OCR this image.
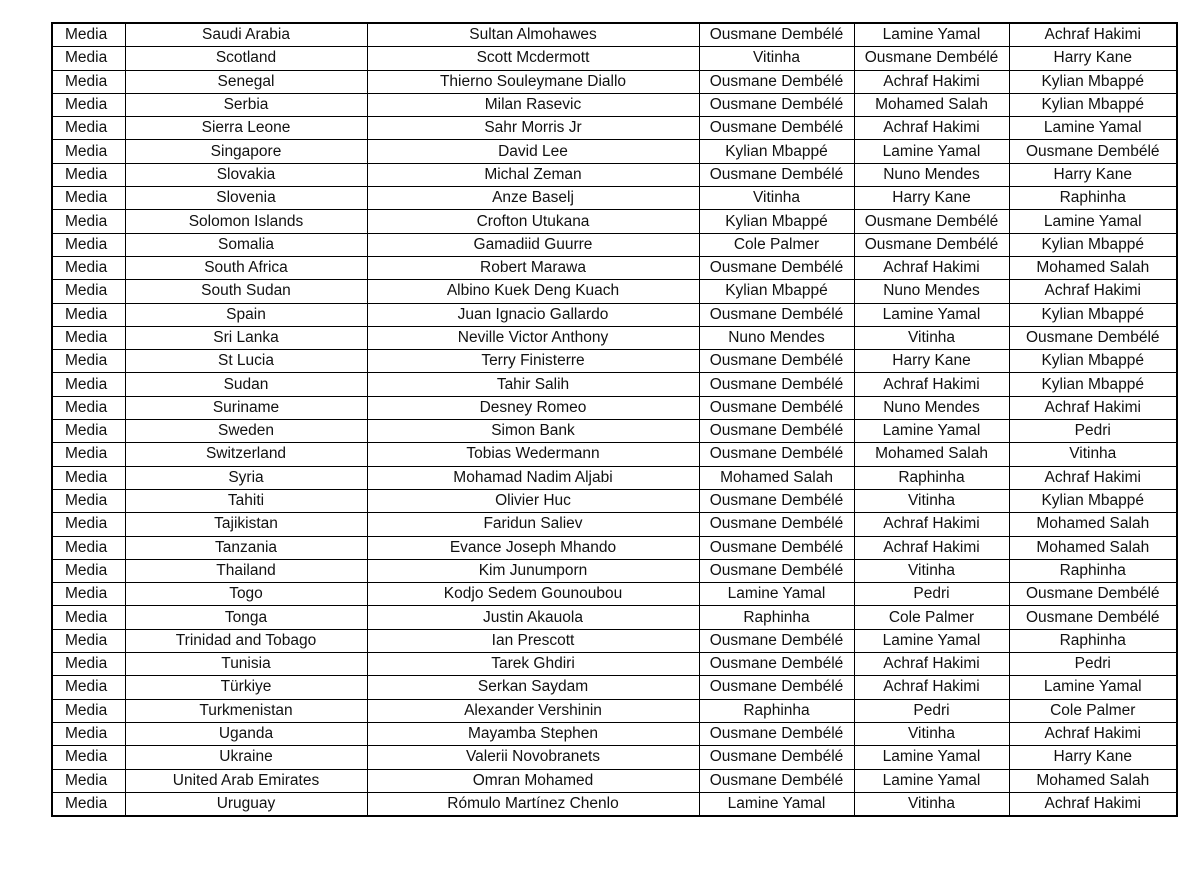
Media	Saudi Arabia	Sultan Almohawes	Ousmane Dembélé	Lamine Yamal	Achraf Hakimi
Media	Scotland	Scott Mcdermott	Vitinha	Ousmane Dembélé	Harry Kane
Media	Senegal	Thierno Souleymane Diallo	Ousmane Dembélé	Achraf Hakimi	Kylian Mbappé
Media	Serbia	Milan Rasevic	Ousmane Dembélé	Mohamed Salah	Kylian Mbappé
Media	Sierra Leone	Sahr Morris Jr	Ousmane Dembélé	Achraf Hakimi	Lamine Yamal
Media	Singapore	David Lee	Kylian Mbappé	Lamine Yamal	Ousmane Dembélé
Media	Slovakia	Michal Zeman	Ousmane Dembélé	Nuno Mendes	Harry Kane
Media	Slovenia	Anze Baselj	Vitinha	Harry Kane	Raphinha
Media	Solomon Islands	Crofton Utukana	Kylian Mbappé	Ousmane Dembélé	Lamine Yamal
Media	Somalia	Gamadiid Guurre	Cole Palmer	Ousmane Dembélé	Kylian Mbappé
Media	South Africa	Robert Marawa	Ousmane Dembélé	Achraf Hakimi	Mohamed Salah
Media	South Sudan	Albino Kuek Deng Kuach	Kylian Mbappé	Nuno Mendes	Achraf Hakimi
Media	Spain	Juan Ignacio Gallardo	Ousmane Dembélé	Lamine Yamal	Kylian Mbappé
Media	Sri Lanka	Neville Victor Anthony	Nuno Mendes	Vitinha	Ousmane Dembélé
Media	St Lucia	Terry Finisterre	Ousmane Dembélé	Harry Kane	Kylian Mbappé
Media	Sudan	Tahir Salih	Ousmane Dembélé	Achraf Hakimi	Kylian Mbappé
Media	Suriname	Desney Romeo	Ousmane Dembélé	Nuno Mendes	Achraf Hakimi
Media	Sweden	Simon Bank	Ousmane Dembélé	Lamine Yamal	Pedri
Media	Switzerland	Tobias Wedermann	Ousmane Dembélé	Mohamed Salah	Vitinha
Media	Syria	Mohamad Nadim Aljabi	Mohamed Salah	Raphinha	Achraf Hakimi
Media	Tahiti	Olivier Huc	Ousmane Dembélé	Vitinha	Kylian Mbappé
Media	Tajikistan	Faridun Saliev	Ousmane Dembélé	Achraf Hakimi	Mohamed Salah
Media	Tanzania	Evance Joseph Mhando	Ousmane Dembélé	Achraf Hakimi	Mohamed Salah
Media	Thailand	Kim Junumporn	Ousmane Dembélé	Vitinha	Raphinha
Media	Togo	Kodjo Sedem Gounoubou	Lamine Yamal	Pedri	Ousmane Dembélé
Media	Tonga	Justin Akauola	Raphinha	Cole Palmer	Ousmane Dembélé
Media	Trinidad and Tobago	Ian Prescott	Ousmane Dembélé	Lamine Yamal	Raphinha
Media	Tunisia	Tarek Ghdiri	Ousmane Dembélé	Achraf Hakimi	Pedri
Media	Türkiye	Serkan Saydam	Ousmane Dembélé	Achraf Hakimi	Lamine Yamal
Media	Turkmenistan	Alexander Vershinin	Raphinha	Pedri	Cole Palmer
Media	Uganda	Mayamba Stephen	Ousmane Dembélé	Vitinha	Achraf Hakimi
Media	Ukraine	Valerii Novobranets	Ousmane Dembélé	Lamine Yamal	Harry Kane
Media	United Arab Emirates	Omran Mohamed	Ousmane Dembélé	Lamine Yamal	Mohamed Salah
Media	Uruguay	Rómulo Martínez Chenlo	Lamine Yamal	Vitinha	Achraf Hakimi
